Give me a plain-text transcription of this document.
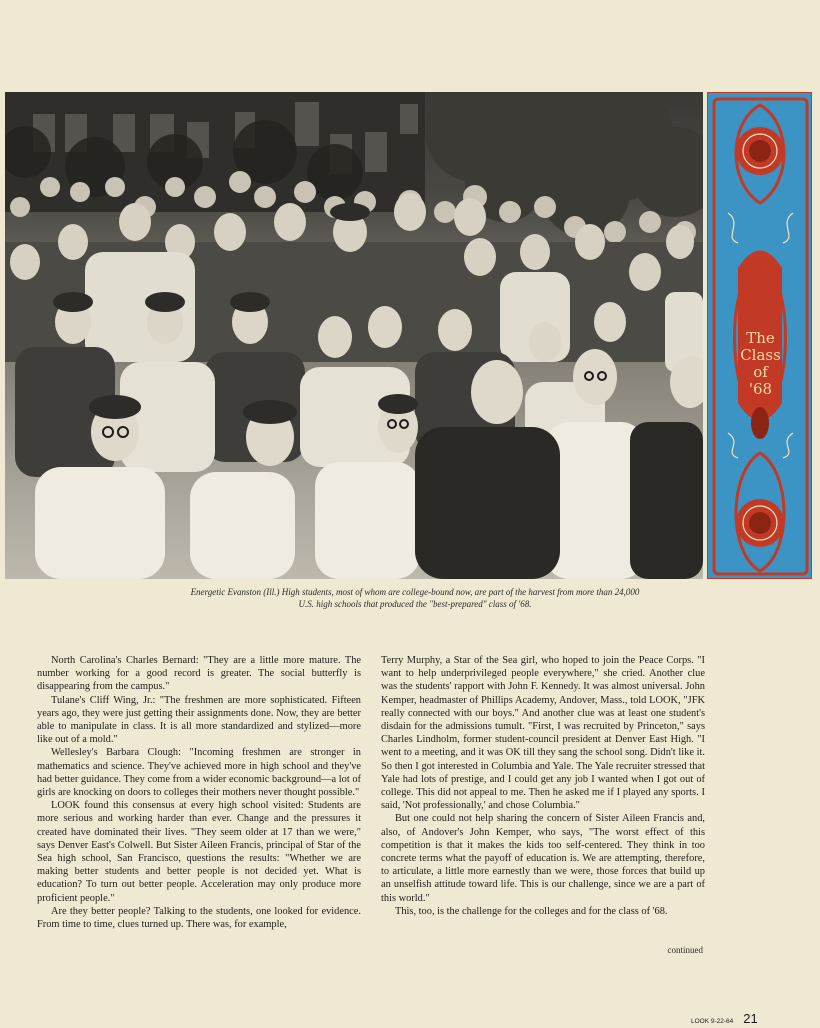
The
Class
of
'68
Energetic Evanston (Ill.) High students, most of whom are college-bound now, are part of the harvest from more than 24,000 U.S. high schools that produced the "best-prepared" class of '68.

North Carolina's Charles Bernard: "They are a little more mature. The number working for a good record is greater. The social butterfly is disappearing from the campus."

Tulane's Cliff Wing, Jr.: "The freshmen are more sophisticated. Fifteen years ago, they were just getting their assignments done. Now, they are better able to manipulate in class. It is all more standardized and stylized—more like out of a mold."

Wellesley's Barbara Clough: "Incoming freshmen are stronger in mathematics and science. They've achieved more in high school and they've had better guidance. They come from a wider economic background—a lot of girls are knocking on doors to colleges their mothers never thought possible."

LOOK found this consensus at every high school visited: Students are more serious and working harder than ever. Change and the pressures it created have dominated their lives. "They seem older at 17 than we were," says Denver East's Colwell. But Sister Aileen Francis, principal of Star of the Sea high school, San Francisco, questions the results: "Whether we are making better students and better people is not decided yet. What is education? To turn out better people. Acceleration may only produce more proficient people."

Are they better people? Talking to the students, one looked for evidence. From time to time, clues turned up. There was, for example,

Terry Murphy, a Star of the Sea girl, who hoped to join the Peace Corps. "I want to help underprivileged people everywhere," she cried. Another clue was the students' rapport with John F. Kennedy. It was almost universal. John Kemper, headmaster of Phillips Academy, Andover, Mass., told LOOK, "JFK really connected with our boys." And another clue was at least one student's disdain for the admissions tumult. "First, I was recruited by Princeton," says Charles Lindholm, former student-council president at Denver East High. "I went to a meeting, and it was OK till they sang the school song. Didn't like it. So then I got interested in Columbia and Yale. The Yale recruiter stressed that Yale had lots of prestige, and I could get any job I wanted when I got out of college. This did not appeal to me. Then he asked me if I played any sports. I said, 'Not professionally,' and chose Columbia."

But one could not help sharing the concern of Sister Aileen Francis and, also, of Andover's John Kemper, who says, "The worst effect of this competition is that it makes the kids too self-centered. They think in too concrete terms what the payoff of education is. We are attempting, therefore, to articulate, a little more earnestly than we were, those forces that build up an unselfish attitude toward life. This is our challenge, since we are a part of this world."

This, too, is the challenge for the colleges and for the class of '68.

continued
LOOK 9-22-64 21
